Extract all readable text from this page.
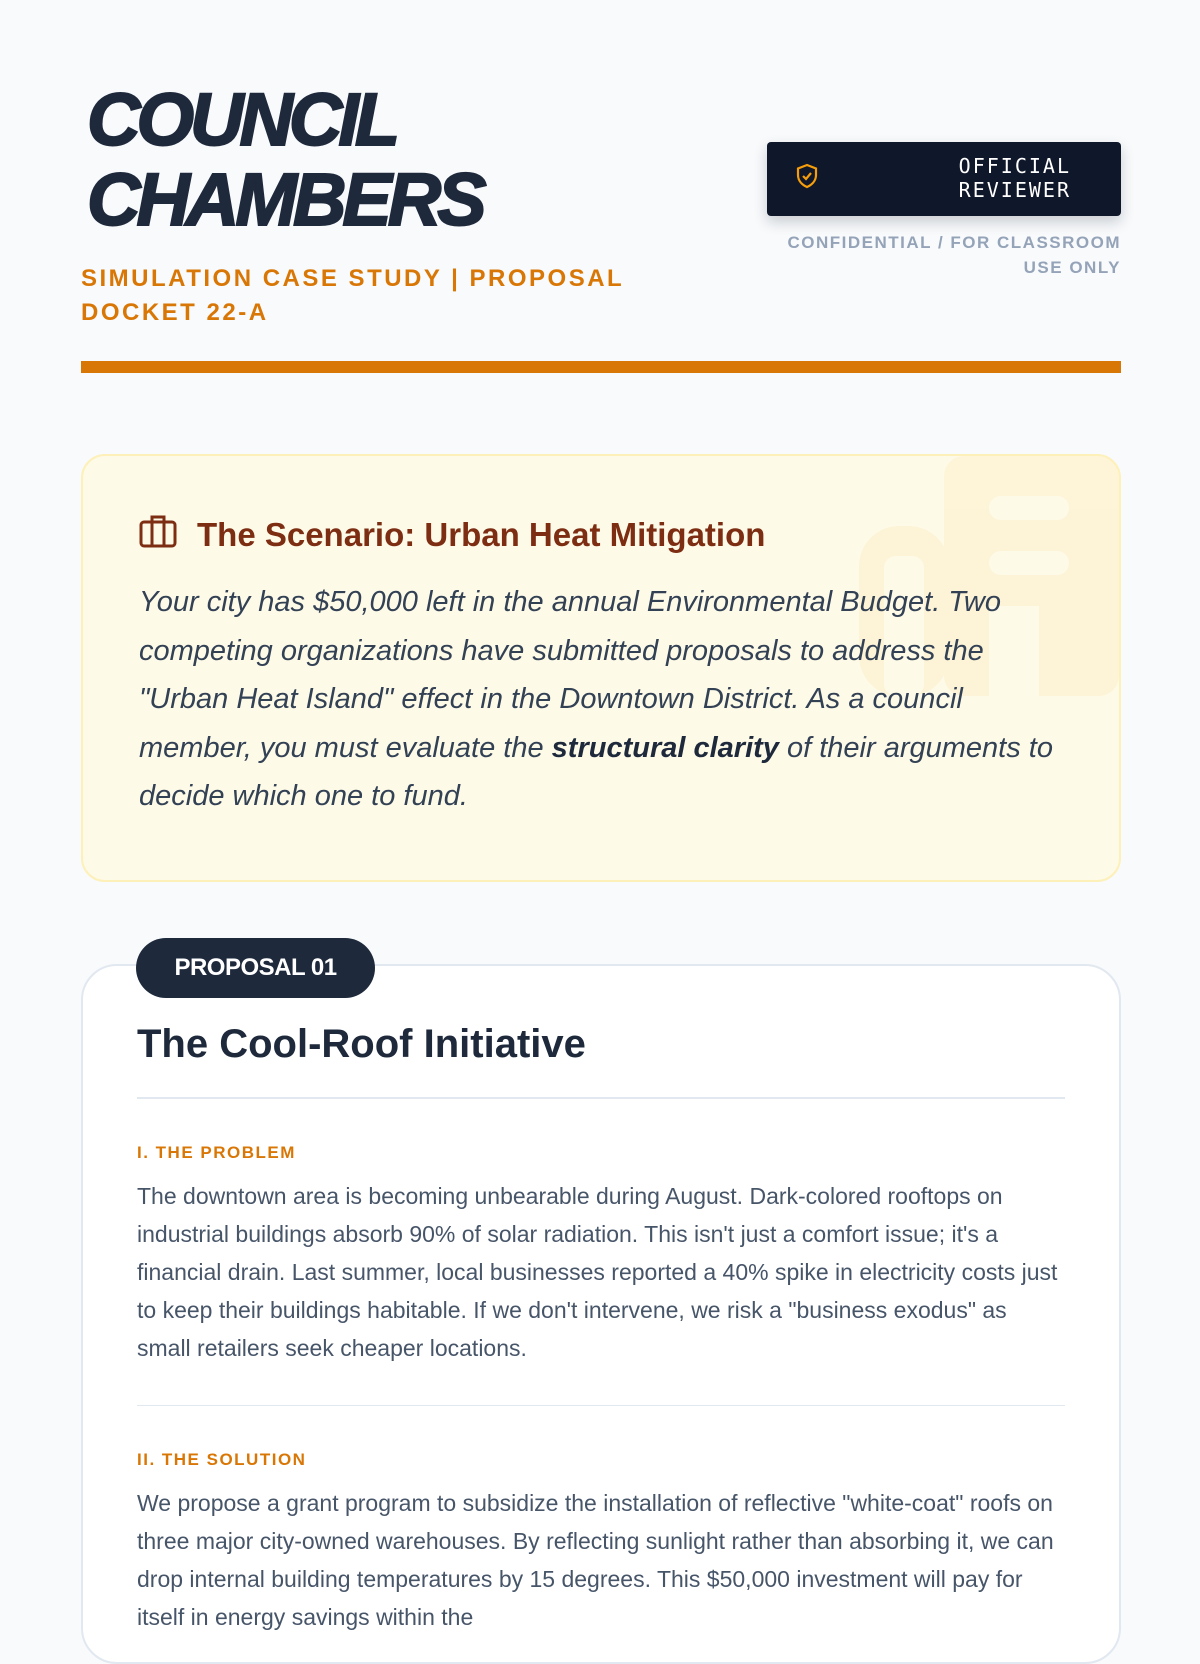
COUNCIL
CHAMBERS
SIMULATION CASE STUDY | PROPOSAL DOCKET 22-A
OFFICIAL REVIEWER
CONFIDENTIAL / FOR CLASSROOM USE ONLY
The Scenario: Urban Heat Mitigation

Your city has $50,000 left in the annual Environmental Budget. Two competing organizations have submitted proposals to address the "Urban Heat Island" effect in the Downtown District. As a council member, you must evaluate the structural clarity of their arguments to decide which one to fund.

PROPOSAL 01
The Cool-Roof Initiative
I. THE PROBLEM

The downtown area is becoming unbearable during August. Dark-colored rooftops on industrial buildings absorb 90% of solar radiation. This isn't just a comfort issue; it's a financial drain. Last summer, local businesses reported a 40% spike in electricity costs just to keep their buildings habitable. If we don't intervene, we risk a "business exodus" as small retailers seek cheaper locations.

II. THE SOLUTION

We propose a grant program to subsidize the installation of reflective "white-coat" roofs on three major city-owned warehouses. By reflecting sunlight rather than absorbing it, we can drop internal building temperatures by 15 degrees. This $50,000 investment will pay for itself in energy savings within the
